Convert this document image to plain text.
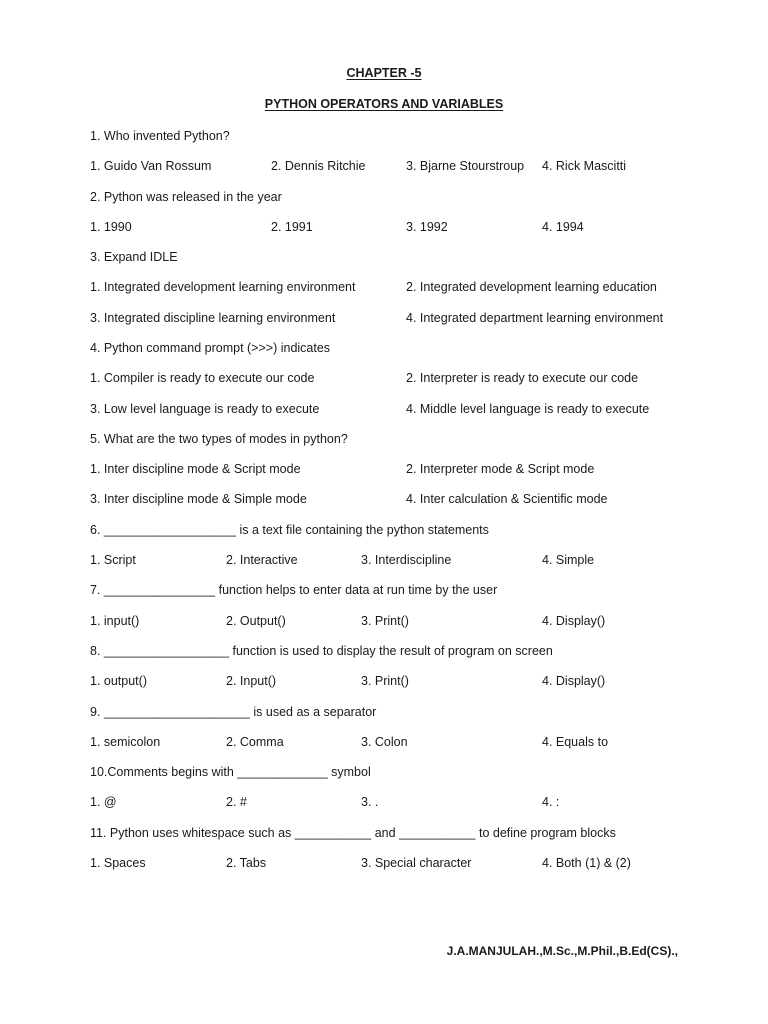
CHAPTER -5
PYTHON OPERATORS AND VARIABLES
1. Who invented Python?
1. Guido Van Rossum	2. Dennis Ritchie	3. Bjarne Stourstroup 4. Rick Mascitti
2. Python was released in the year
1. 1990	2. 1991	3. 1992	4. 1994
3. Expand IDLE
1. Integrated development learning environment	2. Integrated development learning education
3. Integrated discipline learning environment	4. Integrated department learning environment
4. Python command prompt (>>>) indicates
1. Compiler is ready to execute our code	2. Interpreter is ready to execute our code
3. Low level language is ready to execute	4. Middle level language is ready to execute
5. What are the two types of modes in python?
1. Inter discipline mode & Script mode	2. Interpreter mode & Script mode
3. Inter discipline mode & Simple mode	4. Inter calculation & Scientific mode
6. ___________________ is a text file containing the python statements
1. Script	2. Interactive	3. Interdiscipline	4. Simple
7. ________________ function helps to enter data at run time by the user
1. input()	2. Output()	3. Print()	4. Display()
8. __________________ function is used to display the result of program on screen
1. output()	2. Input()	3. Print()	4. Display()
9. _____________________ is used as a separator
1. semicolon	2. Comma	3. Colon	4. Equals to
10.Comments begins with _____________ symbol
1. @	2. #	3. .	4. :
11. Python uses whitespace such as ___________ and ___________ to define program blocks
1. Spaces	2. Tabs	3. Special character	4. Both (1) & (2)
J.A.MANJULAH.,M.Sc.,M.Phil.,B.Ed(CS).,
